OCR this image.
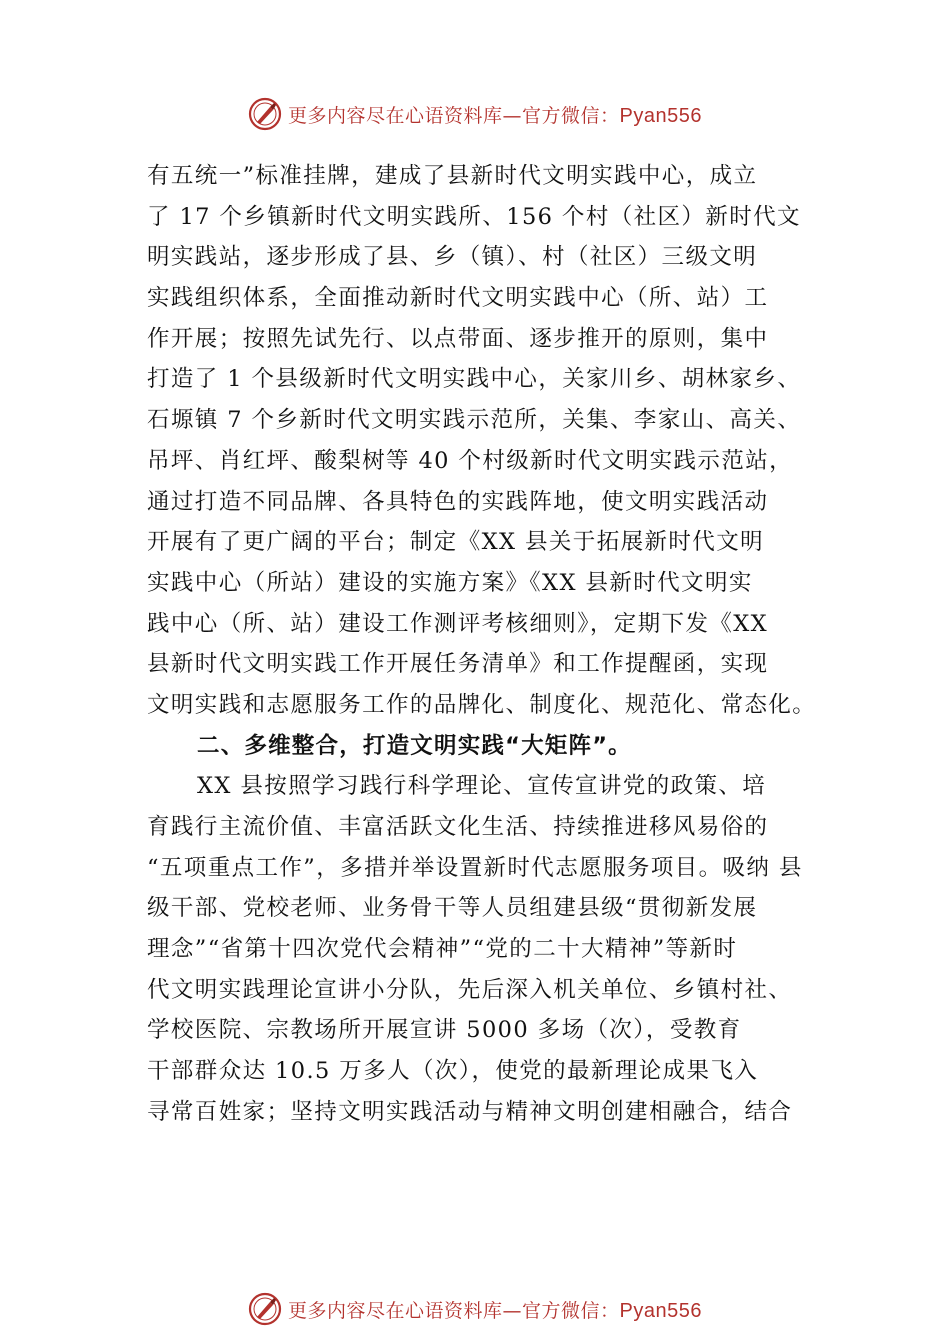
更多内容尽在心语资料库—官方微信：Pyan556
有五统一”标准挂牌，建成了县新时代文明实践中心，成立
了 17 个乡镇新时代文明实践所、156 个村（社区）新时代文
明实践站，逐步形成了县、乡（镇）、村（社区）三级文明
实践组织体系，全面推动新时代文明实践中心（所、站）工
作开展；按照先试先行、以点带面、逐步推开的原则，集中
打造了 1 个县级新时代文明实践中心，关家川乡、胡林家乡、
石塬镇 7 个乡新时代文明实践示范所，关集、李家山、高关、
吊坪、肖红坪、酸梨树等 40 个村级新时代文明实践示范站，
通过打造不同品牌、各具特色的实践阵地，使文明实践活动
开展有了更广阔的平台；制定《XX 县关于拓展新时代文明
实践中心（所站）建设的实施方案》《XX 县新时代文明实
践中心（所、站）建设工作测评考核细则》，定期下发《XX
县新时代文明实践工作开展任务清单》和工作提醒函，实现
文明实践和志愿服务工作的品牌化、制度化、规范化、常态化。
二、多维整合，打造文明实践“大矩阵”。
XX 县按照学习践行科学理论、宣传宣讲党的政策、培
育践行主流价值、丰富活跃文化生活、持续推进移风易俗的
“五项重点工作”，多措并举设置新时代志愿服务项目。吸纳 县
级干部、党校老师、业务骨干等人员组建县级“贯彻新发展
理念”“省第十四次党代会精神”“党的二十大精神”等新时
代文明实践理论宣讲小分队，先后深入机关单位、乡镇村社、
学校医院、宗教场所开展宣讲 5000 多场（次），受教育
干部群众达 10.5 万多人（次），使党的最新理论成果飞入
寻常百姓家；坚持文明实践活动与精神文明创建相融合，结合
更多内容尽在心语资料库—官方微信：Pyan556
